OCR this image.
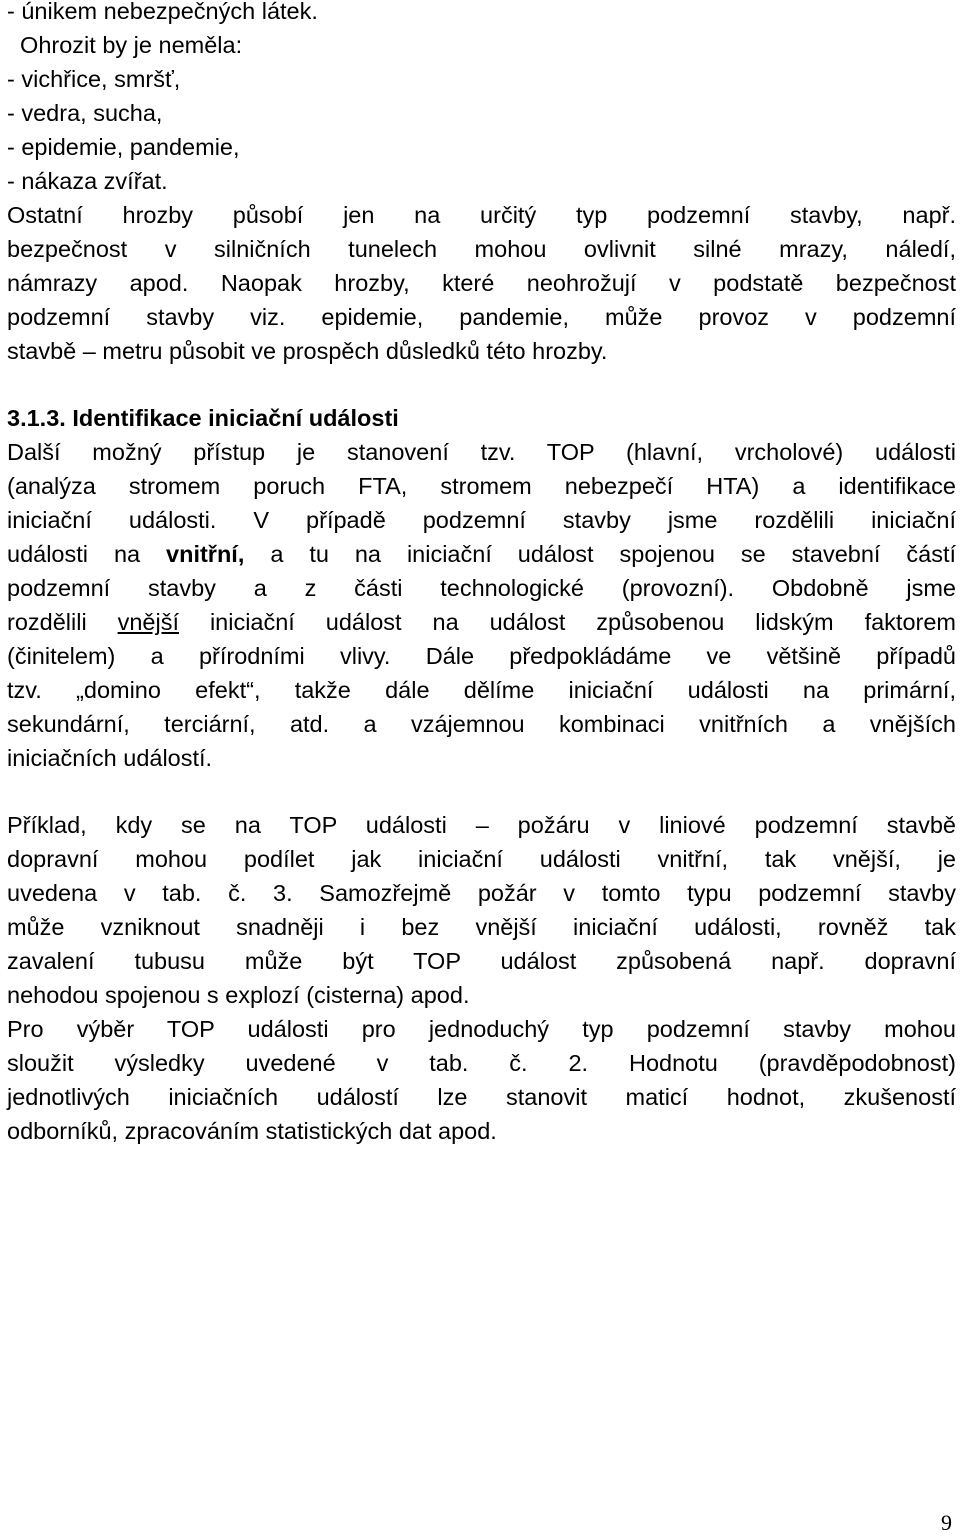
- únikem nebezpečných látek.
Ohrozit by je neměla:
- vichřice, smršť,
- vedra, sucha,
- epidemie, pandemie,
- nákaza zvířat.
Ostatní hrozby působí jen na určitý typ podzemní stavby, např.
bezpečnost v silničních tunelech mohou ovlivnit silné mrazy, náledí,
námrazy apod. Naopak hrozby, které neohrožují v podstatě bezpečnost
podzemní stavby viz. epidemie, pandemie, může provoz v podzemní
stavbě – metru působit ve prospěch důsledků této hrozby.
3.1.3. Identifikace iniciační události
Další možný přístup je stanovení tzv. TOP (hlavní, vrcholové) události
(analýza stromem poruch FTA, stromem nebezpečí HTA) a identifikace
iniciační události. V případě podzemní stavby jsme rozdělili iniciační
události na vnitřní, a tu na iniciační událost spojenou se stavební částí
podzemní stavby a z části technologické (provozní). Obdobně jsme
rozdělili vnější iniciační událost na událost způsobenou lidským faktorem
(činitelem) a přírodními vlivy. Dále předpokládáme ve většině případů
tzv. „domino efekt“, takže dále dělíme iniciační události na primární,
sekundární, terciární, atd. a vzájemnou kombinaci vnitřních a vnějších
iniciačních událostí.
Příklad, kdy se na TOP události – požáru v liniové podzemní stavbě
dopravní mohou podílet jak iniciační události vnitřní, tak vnější, je
uvedena v tab. č. 3. Samozřejmě požár v tomto typu podzemní stavby
může vzniknout snadněji i bez vnější iniciační události, rovněž tak
zavalení tubusu může být TOP událost způsobená např. dopravní
nehodou spojenou s explozí (cisterna) apod.
Pro výběr TOP události pro jednoduchý typ podzemní stavby mohou
sloužit výsledky uvedené v tab. č. 2. Hodnotu (pravděpodobnost)
jednotlivých iniciačních událostí lze stanovit maticí hodnot, zkušeností
odborníků, zpracováním statistických dat apod.
9
